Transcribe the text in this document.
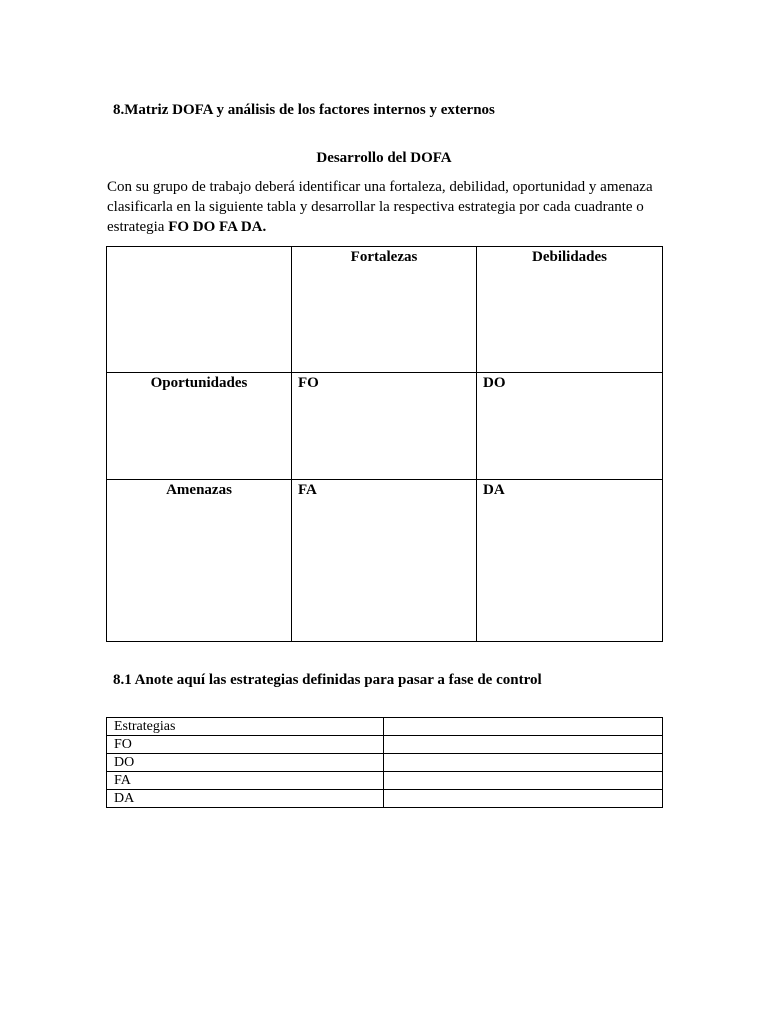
8.Matriz DOFA y análisis de los factores internos y externos
Desarrollo del DOFA

Con su grupo de trabajo deberá identificar una fortaleza, debilidad, oportunidad y amenaza clasificarla en la siguiente tabla y desarrollar la respectiva estrategia por cada cuadrante o estrategia FO DO FA DA.

	Fortalezas	Debilidades

Oportunidades	FO	DO

Amenazas	FA	DA
8.1 Anote aquí las estrategias definidas para pasar a fase de control
Estrategias	
FO	
DO	
FA	
DA	
